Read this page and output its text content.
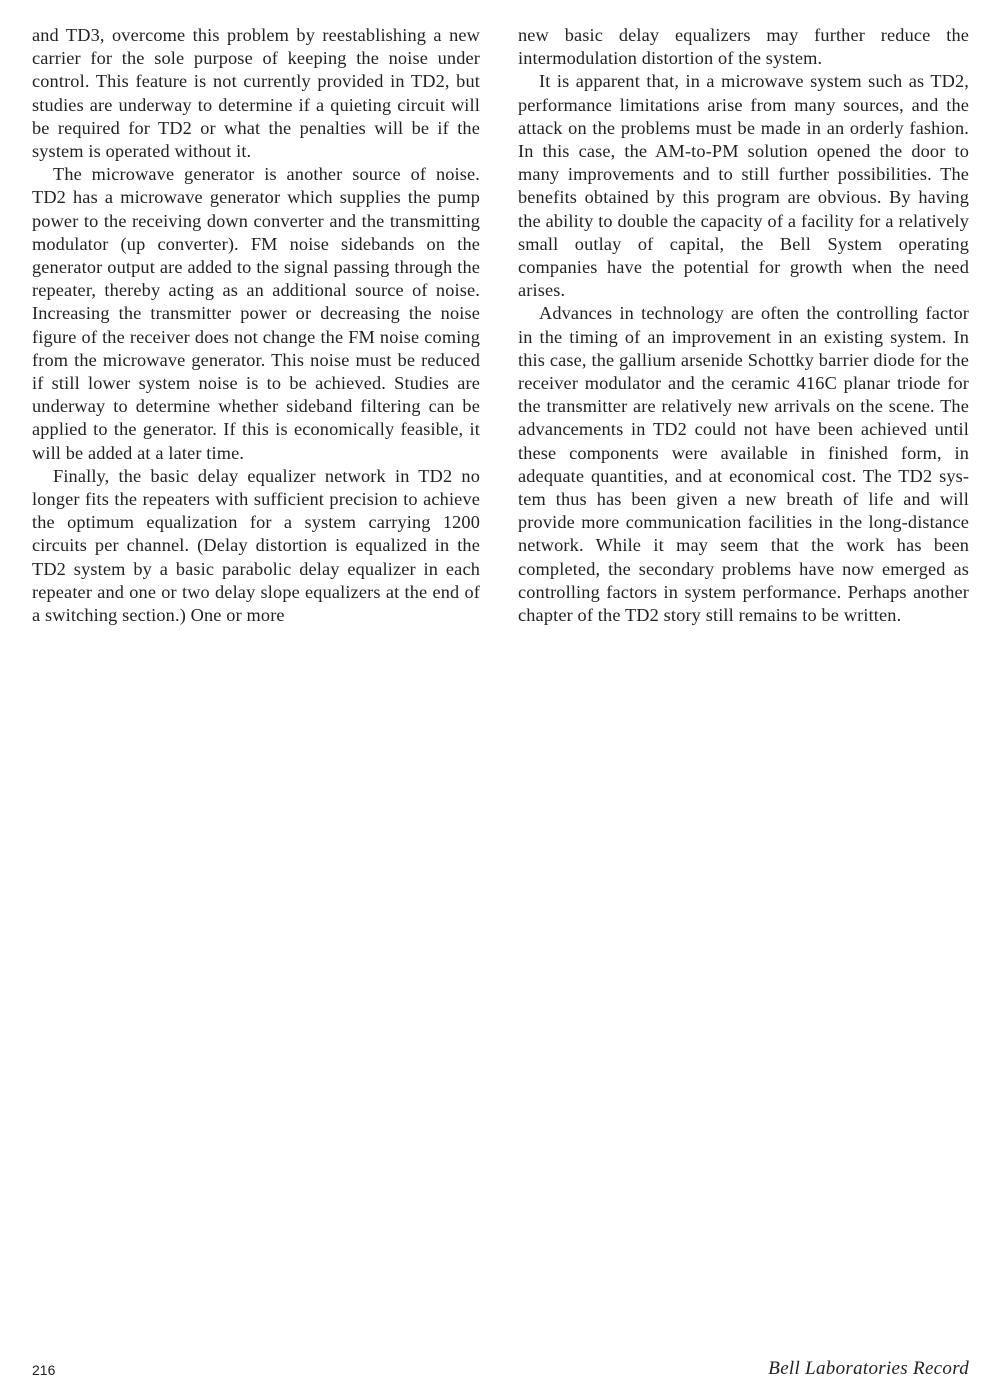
and TD3, overcome this problem by reestablishing a new carrier for the sole purpose of keeping the noise under control. This feature is not currently provided in TD2, but studies are underway to determine if a quieting circuit will be required for TD2 or what the penalties will be if the system is operated without it.

The microwave generator is another source of noise. TD2 has a microwave generator which supplies the pump power to the receiving down converter and the transmitting modulator (up converter). FM noise sidebands on the generator output are added to the signal passing through the repeater, thereby acting as an additional source of noise. Increasing the transmitter power or decreasing the noise figure of the receiver does not change the FM noise coming from the microwave generator. This noise must be reduced if still lower system noise is to be achieved. Studies are underway to determine whether sideband filtering can be applied to the generator. If this is economically feasible, it will be added at a later time.

Finally, the basic delay equalizer network in TD2 no longer fits the repeaters with sufficient precision to achieve the optimum equalization for a system carrying 1200 circuits per channel. (Delay distortion is equalized in the TD2 system by a basic parabolic delay equalizer in each repeater and one or two delay slope equalizers at the end of a switching section.) One or more

new basic delay equalizers may further reduce the intermodulation distortion of the system.

It is apparent that, in a microwave system such as TD2, performance limitations arise from many sources, and the attack on the problems must be made in an orderly fashion. In this case, the AM-to-PM solution opened the door to many improvements and to still further possibilities. The benefits obtained by this program are obvious. By having the ability to double the capacity of a facility for a relatively small outlay of capital, the Bell System operating companies have the potential for growth when the need arises.

Advances in technology are often the controlling factor in the timing of an improvement in an existing system. In this case, the gallium arsenide Schottky barrier diode for the receiver modulator and the ceramic 416C planar triode for the transmitter are relatively new arrivals on the scene. The advancements in TD2 could not have been achieved until these components were available in finished form, in adequate quantities, and at economical cost. The TD2 system thus has been given a new breath of life and will provide more communication facilities in the long-distance network. While it may seem that the work has been completed, the secondary problems have now emerged as controlling factors in system performance. Perhaps another chapter of the TD2 story still remains to be written.

216	Bell Laboratories Record
